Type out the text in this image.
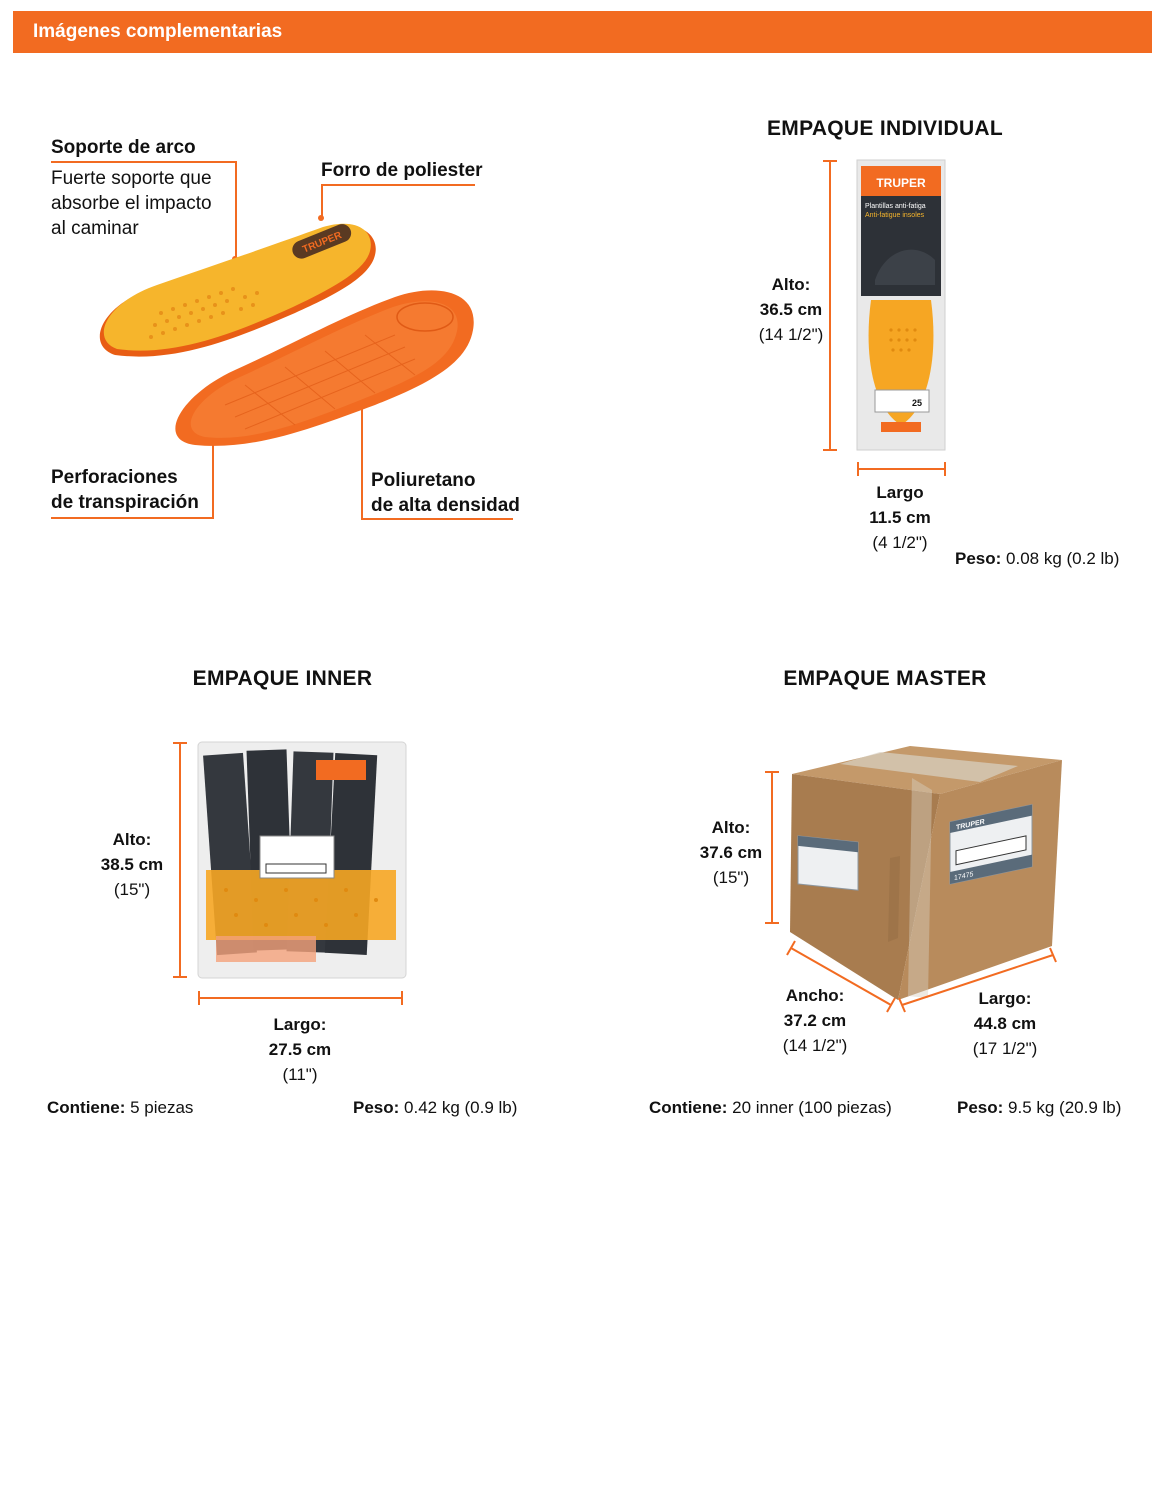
Imágenes complementarias
Soporte de arco
Fuerte soporte que
absorbe el impacto
al caminar
Forro de poliester
Perforaciones
de transpiración
Poliuretano
de alta densidad
TRUPER
EMPAQUE INDIVIDUAL
Alto:
36.5 cm
(14 1/2")
TRUPER
Plantillas anti-fatiga
Anti-fatigue insoles
25
Largo
11.5 cm
(4 1/2")
Peso: 0.08 kg (0.2 lb)
EMPAQUE INNER
Alto:
38.5 cm
(15")
Largo:
27.5 cm
(11")
Contiene: 5 piezas	Peso: 0.42 kg (0.9 lb)
EMPAQUE MASTER
Alto:
37.6 cm
(15")
TRUPER
17475
Ancho:
37.2 cm
(14 1/2")
Largo:
44.8 cm
(17 1/2")
Contiene: 20 inner (100 piezas)	Peso: 9.5 kg (20.9 lb)
